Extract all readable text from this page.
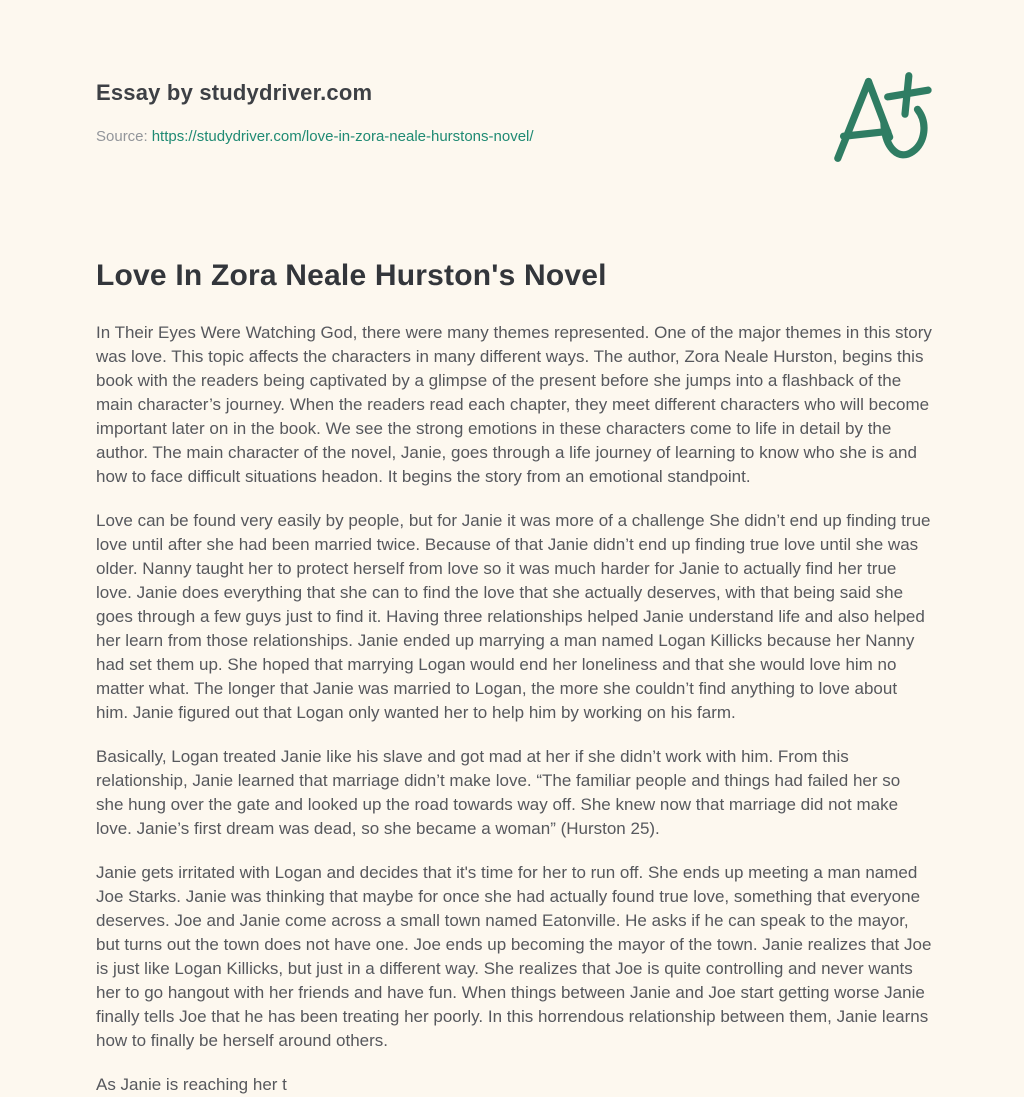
Essay by studydriver.com

Source: https://studydriver.com/love-in-zora-neale-hurstons-novel/

Love In Zora Neale Hurston's Novel

In Their Eyes Were Watching God, there were many themes represented. One of the major themes in this story was love. This topic affects the characters in many different ways. The author, Zora Neale Hurston, begins this book with the readers being captivated by a glimpse of the present before she jumps into a flashback of the main character’s journey. When the readers read each chapter, they meet different characters who will become important later on in the book. We see the strong emotions in these characters come to life in detail by the author. The main character of the novel, Janie, goes through a life journey of learning to know who she is and how to face difficult situations headon. It begins the story from an emotional standpoint.

Love can be found very easily by people, but for Janie it was more of a challenge She didn’t end up finding true love until after she had been married twice. Because of that Janie didn’t end up finding true love until she was older. Nanny taught her to protect herself from love so it was much harder for Janie to actually find her true love. Janie does everything that she can to find the love that she actually deserves, with that being said she goes through a few guys just to find it. Having three relationships helped Janie understand life and also helped her learn from those relationships. Janie ended up marrying a man named Logan Killicks because her Nanny had set them up. She hoped that marrying Logan would end her loneliness and that she would love him no matter what. The longer that Janie was married to Logan, the more she couldn’t find anything to love about him. Janie figured out that Logan only wanted her to help him by working on his farm.

Basically, Logan treated Janie like his slave and got mad at her if she didn’t work with him. From this relationship, Janie learned that marriage didn’t make love. “The familiar people and things had failed her so she hung over the gate and looked up the road towards way off. She knew now that marriage did not make love. Janie’s first dream was dead, so she became a woman” (Hurston 25).

Janie gets irritated with Logan and decides that it's time for her to run off. She ends up meeting a man named Joe Starks. Janie was thinking that maybe for once she had actually found true love, something that everyone deserves. Joe and Janie come across a small town named Eatonville. He asks if he can speak to the mayor, but turns out the town does not have one. Joe ends up becoming the mayor of the town. Janie realizes that Joe is just like Logan Killicks, but just in a different way. She realizes that Joe is quite controlling and never wants her to go hangout with her friends and have fun. When things between Janie and Joe start getting worse Janie finally tells Joe that he has been treating her poorly. In this horrendous relationship between them, Janie learns how to finally be herself around others.

As Janie is reaching her t
